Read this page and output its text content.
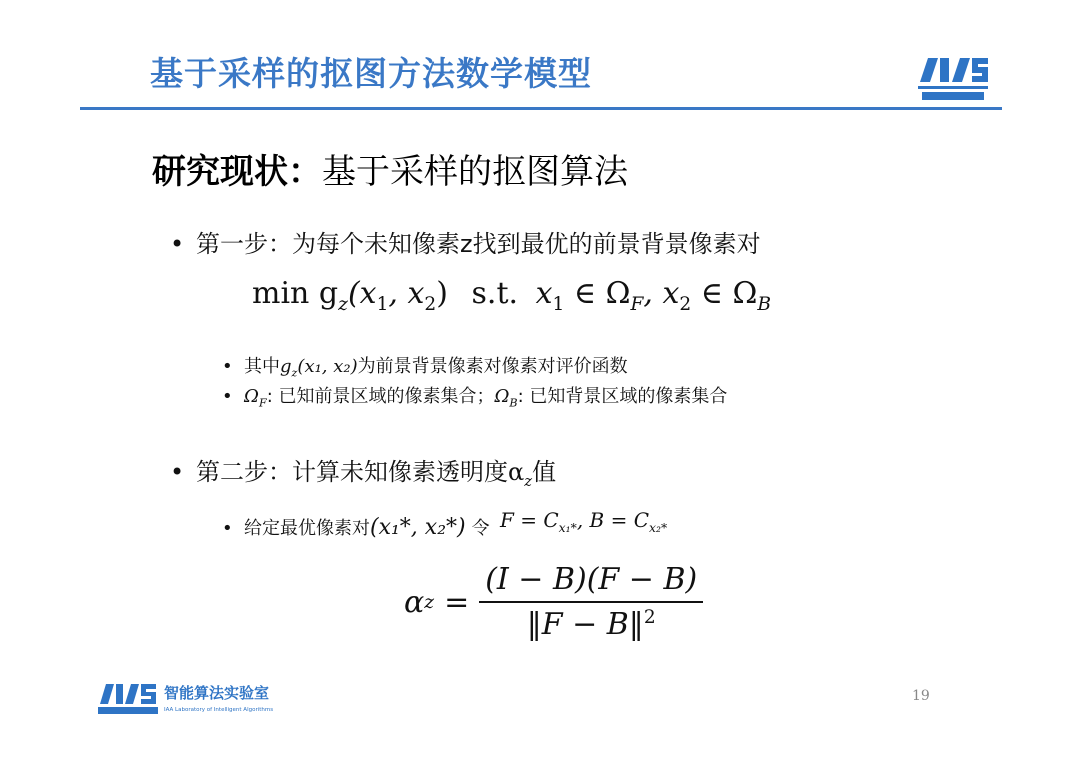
基于采样的抠图方法数学模型
研究现状：基于采样的抠图算法
• 第一步：为每个未知像素z找到最优的前景背景像素对
$\min g_z(x_1$, $x_2$) s.t. $x_1$ ∈ $\Omega_F$, $x_2$ ∈ $\Omega_B$
• 其中$g_z(x_1$, x₂)为前景背景像素对像素对评价函数
• $\Omega_F$: 已知前景区域的像素集合；$\Omega_B$: 已知背景区域的像素集合
• 第二步：计算未知像素透明度$\alpha_z$值
• 给定最优像素对(x₁*, x₂*) 令 $F = C_{x_1*}$, $B = C_{x_2*}$
α $z = \frac{(I - B)(F - B)}{‖F - B‖^2}$
智能算法实验室
IAA Laboratory of Intelligent Algorithms
19
